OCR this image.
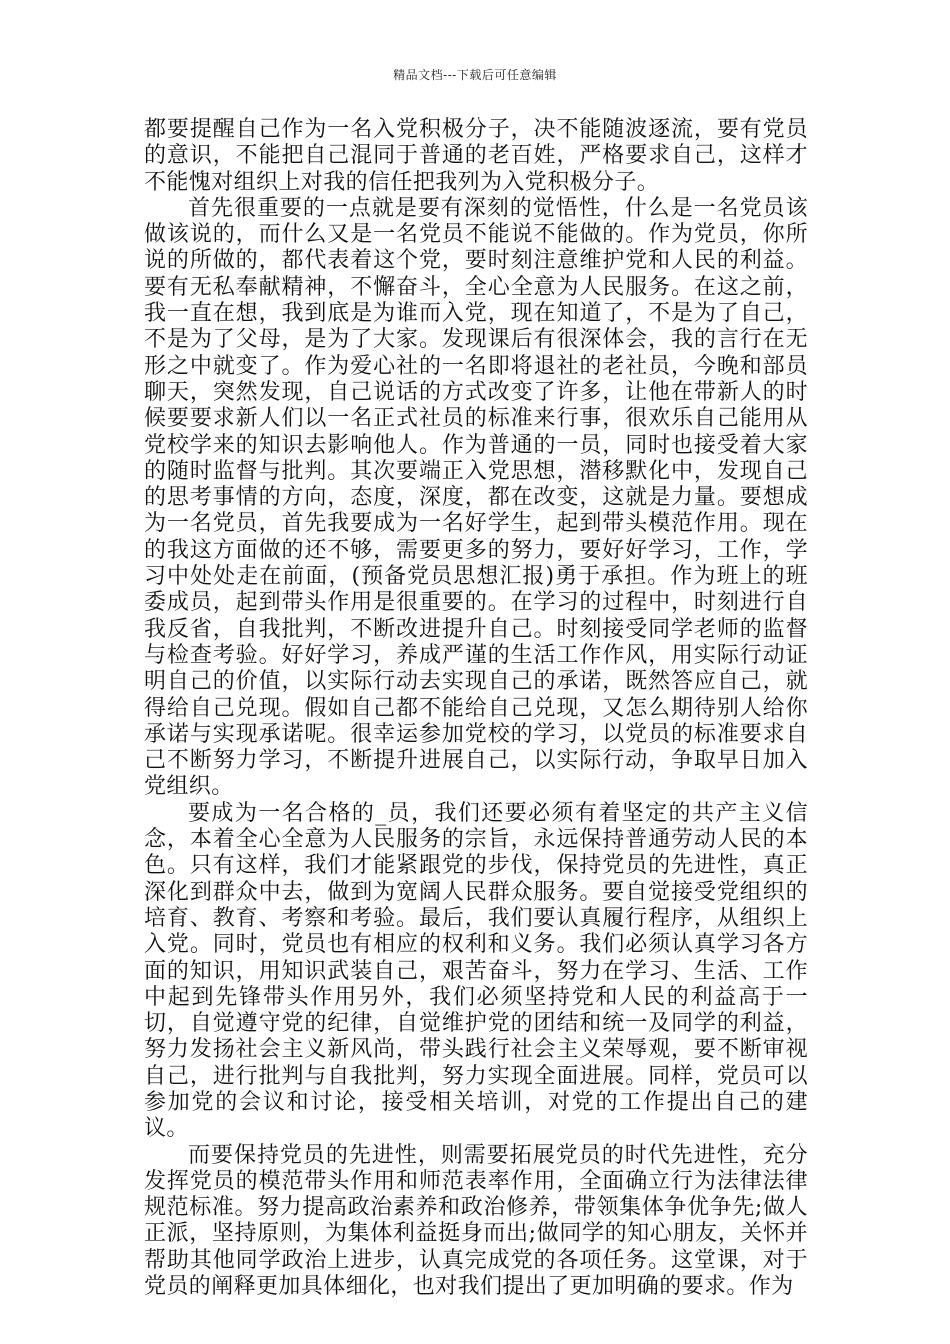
精品文档---下载后可任意编辑

都要提醒自己作为一名入党积极分子，决不能随波逐流，要有党员的意识，不能把自己混同于普通的老百姓，严格要求自己，这样才不能愧对组织上对我的信任把我列为入党积极分子。

首先很重要的一点就是要有深刻的觉悟性，什么是一名党员该做该说的，而什么又是一名党员不能说不能做的。作为党员，你所说的所做的，都代表着这个党，要时刻注意维护党和人民的利益。要有无私奉献精神，不懈奋斗，全心全意为人民服务。在这之前，我一直在想，我到底是为谁而入党，现在知道了，不是为了自己，不是为了父母，是为了大家。发现课后有很深体会，我的言行在无形之中就变了。作为爱心社的一名即将退社的老社员，今晚和部员聊天，突然发现，自己说话的方式改变了许多，让他在带新人的时候要要求新人们以一名正式社员的标准来行事，很欢乐自己能用从党校学来的知识去影响他人。作为普通的一员，同时也接受着大家的随时监督与批判。其次要端正入党思想，潜移默化中，发现自己的思考事情的方向，态度，深度，都在改变，这就是力量。要想成为一名党员，首先我要成为一名好学生，起到带头模范作用。现在的我这方面做的还不够，需要更多的努力，要好好学习，工作，学习中处处走在前面，(预备党员思想汇报)勇于承担。作为班上的班委成员，起到带头作用是很重要的。在学习的过程中，时刻进行自我反省，自我批判，不断改进提升自己。时刻接受同学老师的监督与检查考验。好好学习，养成严谨的生活工作作风，用实际行动证明自己的价值，以实际行动去实现自己的承诺，既然答应自己，就得给自己兑现。假如自己都不能给自己兑现，又怎么期待别人给你承诺与实现承诺呢。很幸运参加党校的学习，以党员的标准要求自己不断努力学习，不断提升进展自己，以实际行动，争取早日加入党组织。

要成为一名合格的_员，我们还要必须有着坚定的共产主义信念，本着全心全意为人民服务的宗旨，永远保持普通劳动人民的本色。只有这样，我们才能紧跟党的步伐，保持党员的先进性，真正深化到群众中去，做到为宽阔人民群众服务。要自觉接受党组织的培育、教育、考察和考验。最后，我们要认真履行程序，从组织上入党。同时，党员也有相应的权利和义务。我们必须认真学习各方面的知识，用知识武装自己，艰苦奋斗，努力在学习、生活、工作中起到先锋带头作用另外，我们必须坚持党和人民的利益高于一切，自觉遵守党的纪律，自觉维护党的团结和统一及同学的利益，努力发扬社会主义新风尚，带头践行社会主义荣辱观，要不断审视自己，进行批判与自我批判，努力实现全面进展。同样，党员可以参加党的会议和讨论，接受相关培训，对党的工作提出自己的建议。

而要保持党员的先进性，则需要拓展党员的时代先进性，充分发挥党员的模范带头作用和师范表率作用，全面确立行为法律法律规范标准。努力提高政治素养和政治修养，带领集体争优争先;做人正派，坚持原则，为集体利益挺身而出;做同学的知心朋友，关怀并帮助其他同学政治上进步，认真完成党的各项任务。这堂课，对于党员的阐释更加具体细化，也对我们提出了更加明确的要求。作为
